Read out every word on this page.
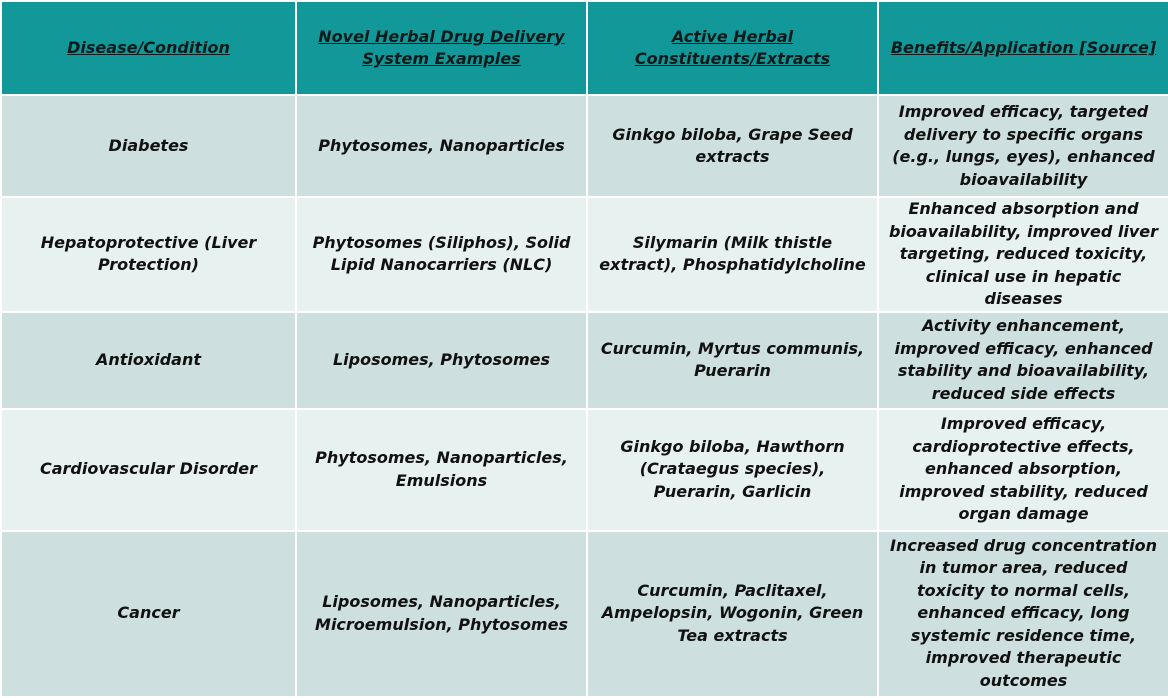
Disease/Condition	Novel Herbal Drug Delivery System Examples	Active Herbal Constituents/Extracts	Benefits/Application [Source]
Diabetes	Phytosomes, Nanoparticles	Ginkgo biloba, Grape Seed extracts	Improved efficacy, targeted delivery to specific organs (e.g., lungs, eyes), enhanced bioavailability
Hepatoprotective (Liver Protection)	Phytosomes (Siliphos), Solid Lipid Nanocarriers (NLC)	Silymarin (Milk thistle extract), Phosphatidylcholine	Enhanced absorption and bioavailability, improved liver targeting, reduced toxicity, clinical use in hepatic diseases
Antioxidant	Liposomes, Phytosomes	Curcumin, Myrtus communis, Puerarin	Activity enhancement, improved efficacy, enhanced stability and bioavailability, reduced side effects
Cardiovascular Disorder	Phytosomes, Nanoparticles, Emulsions	Ginkgo biloba, Hawthorn (Crataegus species), Puerarin, Garlicin	Improved efficacy, cardioprotective effects, enhanced absorption, improved stability, reduced organ damage
Cancer	Liposomes, Nanoparticles, Microemulsion, Phytosomes	Curcumin, Paclitaxel, Ampelopsin, Wogonin, Green Tea extracts	Increased drug concentration in tumor area, reduced toxicity to normal cells, enhanced efficacy, long systemic residence time, improved therapeutic outcomes
